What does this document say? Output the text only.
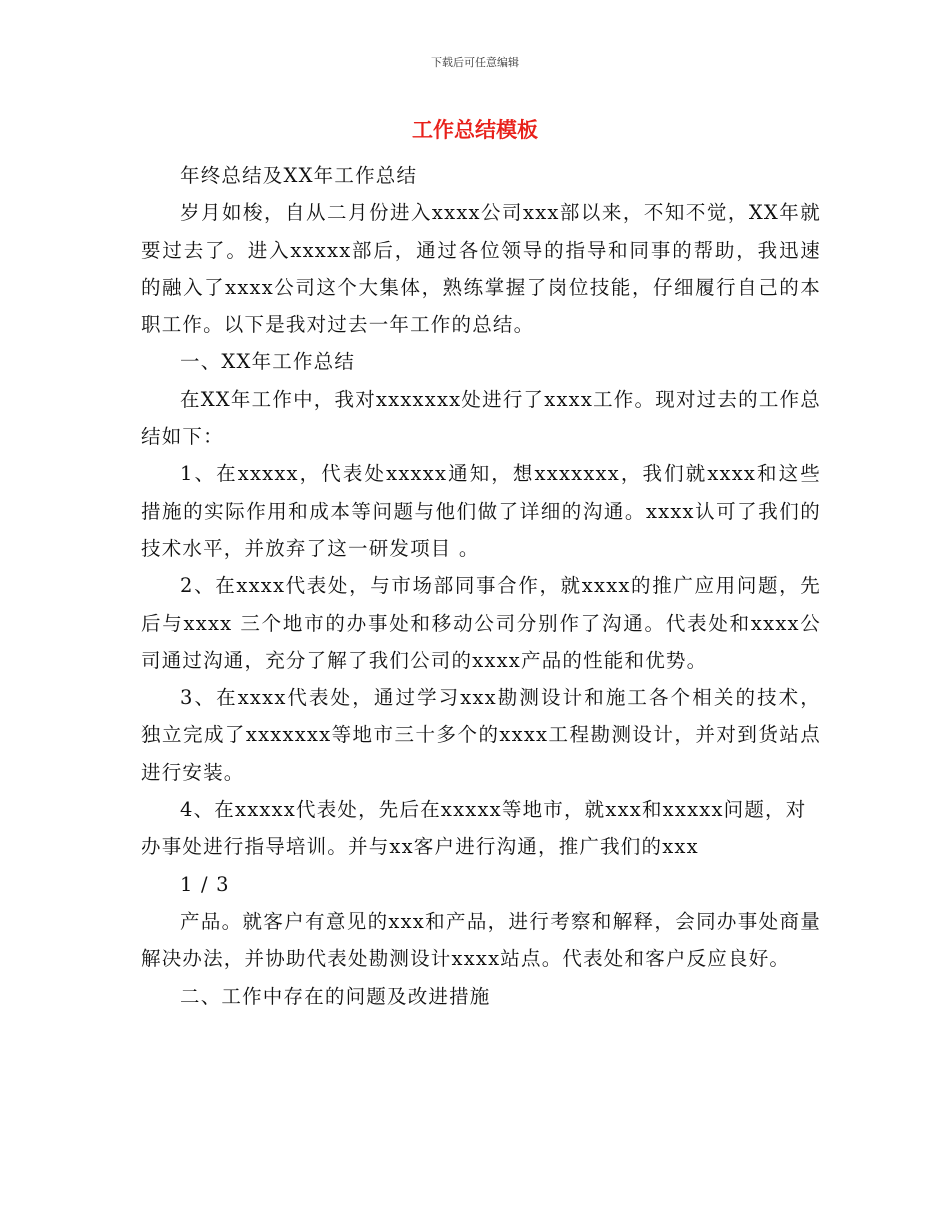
下载后可任意编辑
工作总结模板

年终总结及XX年工作总结

岁月如梭，自从二月份进入xxxx公司xxx部以来，不知不觉，XX年就要过去了。进入xxxxx部后，通过各位领导的指导和同事的帮助，我迅速的融入了xxxx公司这个大集体，熟练掌握了岗位技能，仔细履行自己的本职工作。以下是我对过去一年工作的总结。

一、XX年工作总结

在XX年工作中，我对xxxxxxx处进行了xxxx工作。现对过去的工作总结如下：

1、在xxxxx，代表处xxxxx通知，想xxxxxxx，我们就xxxx和这些措施的实际作用和成本等问题与他们做了详细的沟通。xxxx认可了我们的技术水平，并放弃了这一研发项目 。

2、在xxxx代表处，与市场部同事合作，就xxxx的推广应用问题，先后与xxxx 三个地市的办事处和移动公司分别作了沟通。代表处和xxxx公司通过沟通，充分了解了我们公司的xxxx产品的性能和优势。

3、在xxxx代表处，通过学习xxx勘测设计和施工各个相关的技术， 独立完成了xxxxxxx等地市三十多个的xxxx工程勘测设计，并对到货站点进行安装。

4、在xxxxx代表处，先后在xxxxx等地市，就xxx和xxxxx问题，对办事处进行指导培训。并与xx客户进行沟通，推广我们的xxx

1 / 3

产品。就客户有意见的xxx和产品，进行考察和解释，会同办事处商量解决办法，并协助代表处勘测设计xxxx站点。代表处和客户反应良好。

二、工作中存在的问题及改进措施
